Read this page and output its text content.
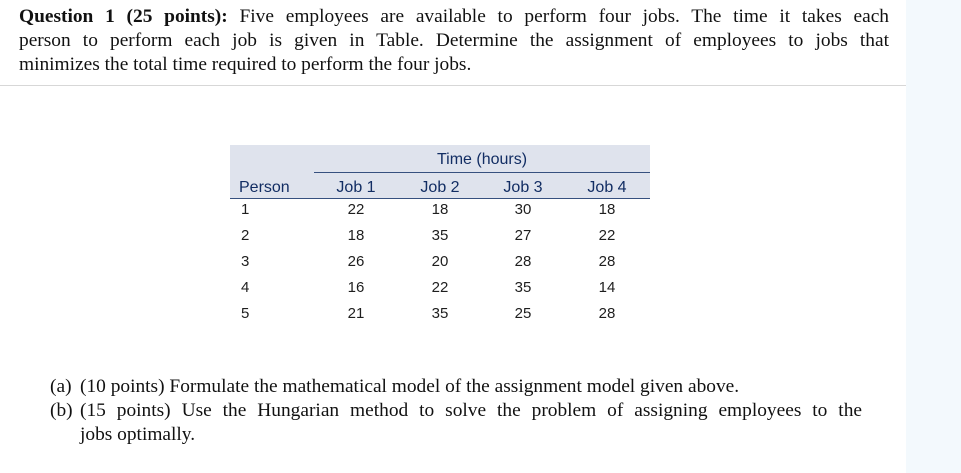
Question 1 (25 points): Five employees are available to perform four jobs. The time it takes each
person to perform each job is given in Table. Determine the assignment of employees to jobs that
minimizes the total time required to perform the four jobs.
Time (hours)
Person	Job 1	Job 2	Job 3	Job 4
1	22	18	30	18
2	18	35	27	22
3	26	20	28	28
4	16	22	35	14
5	21	35	25	28
(a) (10 points) Formulate the mathematical model of the assignment model given above.
(b) (15 points) Use the Hungarian method to solve the problem of assigning employees to the
jobs optimally.
